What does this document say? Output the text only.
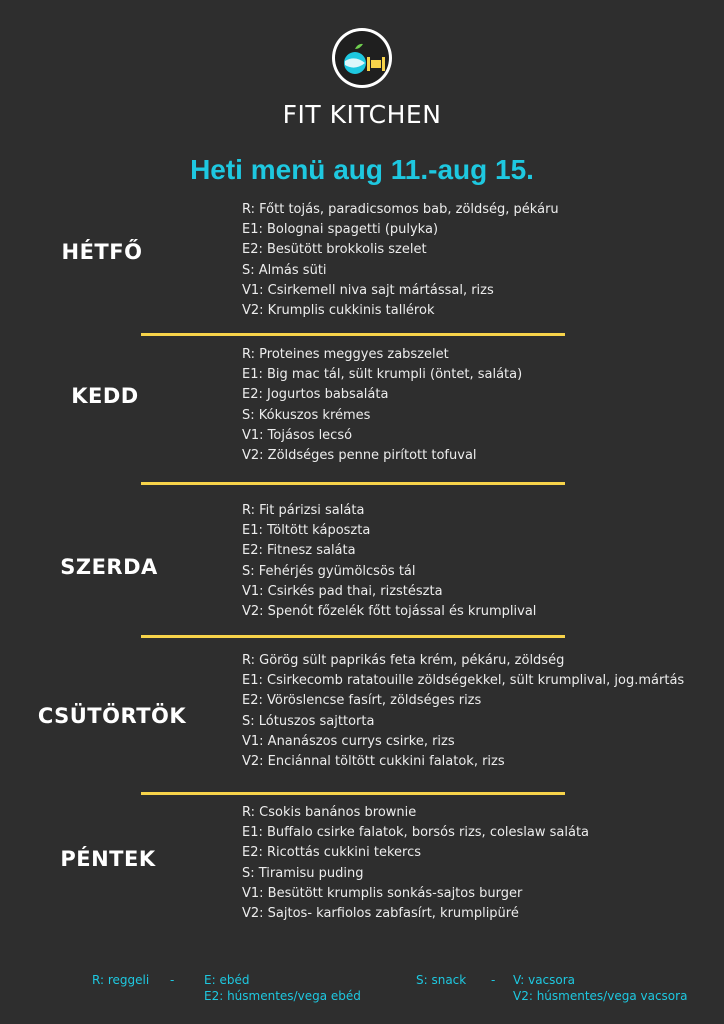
FIT KITCHEN
Heti menü aug 11.-aug 15.
HÉTFŐ
R: Főtt tojás, paradicsomos bab, zöldség, pékáru
E1: Bolognai spagetti (pulyka)
E2: Besütött brokkolis szelet
S: Almás süti
V1: Csirkemell niva sajt mártással, rizs
V2: Krumplis cukkinis tallérok
KEDD
R: Proteines meggyes zabszelet
E1: Big mac tál, sült krumpli (öntet, saláta)
E2: Jogurtos babsaláta
S: Kókuszos krémes
V1: Tojásos lecsó
V2: Zöldséges penne pirított tofuval
SZERDA
R: Fit párizsi saláta
E1: Töltött káposzta
E2: Fitnesz saláta
S: Fehérjés gyümölcsös tál
V1: Csirkés pad thai, rizstészta
V2: Spenót főzelék főtt tojással és krumplival
CSÜTÖRTÖK
R: Görög sült paprikás feta krém, pékáru, zöldség
E1: Csirkecomb ratatouille zöldségekkel, sült krumplival, jog.mártás
E2: Vöröslencse fasírt, zöldséges rizs
S: Lótuszos sajttorta
V1: Ananászos currys csirke, rizs
V2: Enciánnal töltött cukkini falatok, rizs
PÉNTEK
R: Csokis banános brownie
E1: Buffalo csirke falatok, borsós rizs, coleslaw saláta
E2: Ricottás cukkini tekercs
S: Tiramisu puding
V1: Besütött krumplis sonkás-sajtos burger
V2: Sajtos- karfiolos zabfasírt, krumplipüré
R: reggeli - E: ebéd
E2: húsmentes/vega ebéd
S: snack - V: vacsora
V2: húsmentes/vega vacsora
